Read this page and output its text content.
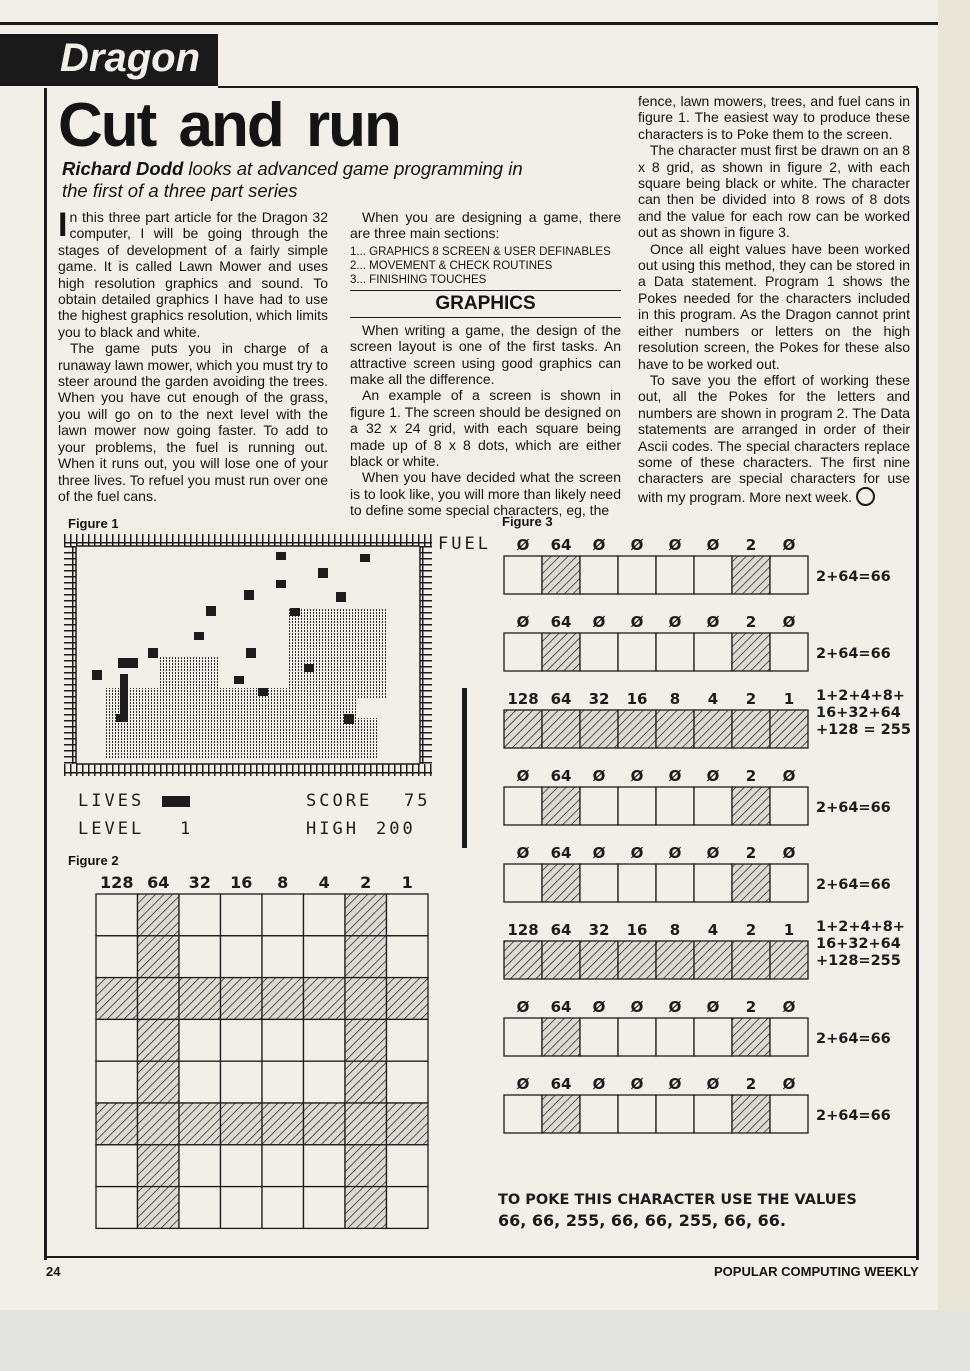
Dragon
Cut and run
Richard Dodd looks at advanced game programming in the first of a three part series

In this three part article for the Dragon 32 computer, I will be going through the stages of development of a fairly simple game. It is called Lawn Mower and uses high resolution graphics and sound. To obtain detailed graphics I have had to use the highest graphics resolution, which limits you to black and white.

The game puts you in charge of a runaway lawn mower, which you must try to steer around the garden avoiding the trees. When you have cut enough of the grass, you will go on to the next level with the lawn mower now going faster. To add to your problems, the fuel is running out. When it runs out, you will lose one of your three lives. To refuel you must run over one of the fuel cans.

When you are designing a game, there are three main sections:

1... GRAPHICS 8 SCREEN & USER DEFINABLES
2... MOVEMENT & CHECK ROUTINES
3... FINISHING TOUCHES
GRAPHICS

When writing a game, the design of the screen layout is one of the first tasks. An attractive screen using good graphics can make all the difference.

An example of a screen is shown in figure 1. The screen should be designed on a 32 x 24 grid, with each square being made up of 8 x 8 dots, which are either black or white.

When you have decided what the screen is to look like, you will more than likely need to define some special characters, eg, the

fence, lawn mowers, trees, and fuel cans in figure 1. The easiest way to produce these characters is to Poke them to the screen.

The character must first be drawn on an 8 x 8 grid, as shown in figure 2, with each square being black or white. The character can then be divided into 8 rows of 8 dots and the value for each row can be worked out as shown in figure 3.

Once all eight values have been worked out using this method, they can be stored in a Data statement. Program 1 shows the Pokes needed for the characters included in this program. As the Dragon cannot print either numbers or letters on the high resolution screen, the Pokes for these also have to be worked out.

To save you the effort of working these out, all the Pokes for the letters and numbers are shown in program 2. The Data statements are arranged in order of their Ascii codes. The special characters replace some of these characters. The first nine characters are special characters for use with my program. More next week.

Figure 1
Figure 2
Figure 3
LIVES	SCORE 75
LEVEL 1	HIGH 200
FUEL
128 64 32 16 8 4 2 1
Ø 64 Ø Ø Ø Ø 2 Ø
2+64=66
Ø 64 Ø Ø Ø Ø 2 Ø
2+64=66
128 64 32 16 8 4 2 1 1+2+4+8+
16+32+64
+128 = 255
Ø 64 Ø Ø Ø Ø 2 Ø
2+64=66
Ø 64 Ø Ø Ø Ø 2 Ø
2+64=66
128 64 32 16 8 4 2 1 1+2+4+8+
16+32+64
+128=255
Ø 64 Ø Ø Ø Ø 2 Ø
2+64=66
Ø 64 Ø Ø Ø Ø 2 Ø
2+64=66
TO POKE THIS CHARACTER USE THE VALUES
66, 66, 255, 66, 66, 255, 66, 66.
24	POPULAR COMPUTING WEEKLY
